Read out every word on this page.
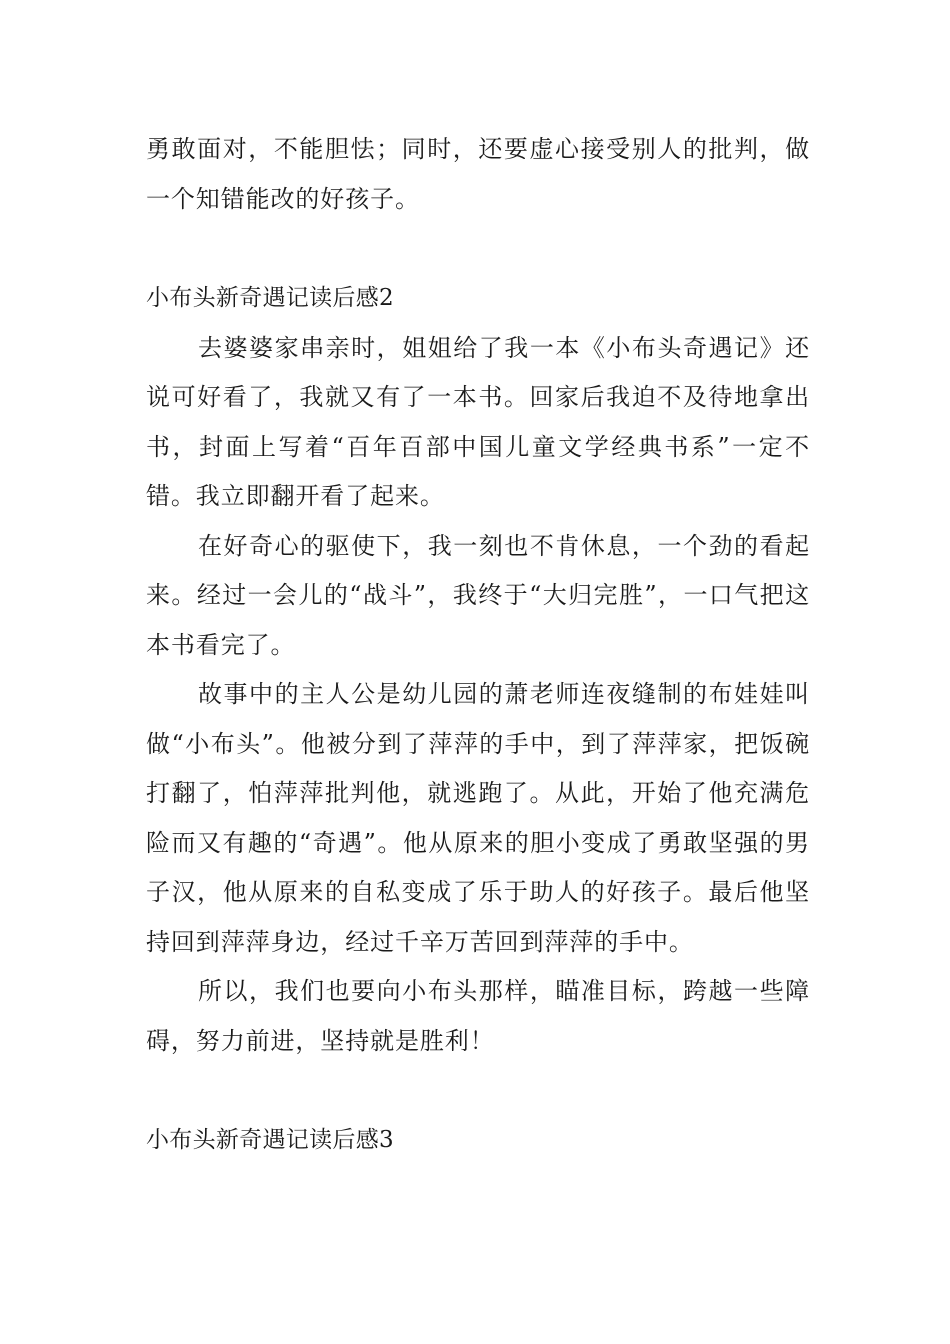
勇敢面对，不能胆怯；同时，还要虚心接受别人的批判，做一个知错能改的好孩子。

小布头新奇遇记读后感2

去婆婆家串亲时，姐姐给了我一本《小布头奇遇记》还说可好看了，我就又有了一本书。回家后我迫不及待地拿出书，封面上写着“百年百部中国儿童文学经典书系”一定不错。我立即翻开看了起来。

在好奇心的驱使下，我一刻也不肯休息，一个劲的看起来。经过一会儿的“战斗”，我终于“大归完胜”，一口气把这本书看完了。

故事中的主人公是幼儿园的萧老师连夜缝制的布娃娃叫做“小布头”。他被分到了萍萍的手中，到了萍萍家，把饭碗打翻了，怕萍萍批判他，就逃跑了。从此，开始了他充满危险而又有趣的“奇遇”。他从原来的胆小变成了勇敢坚强的男子汉，他从原来的自私变成了乐于助人的好孩子。最后他坚持回到萍萍身边，经过千辛万苦回到萍萍的手中。

所以，我们也要向小布头那样，瞄准目标，跨越一些障碍，努力前进，坚持就是胜利！

小布头新奇遇记读后感3
